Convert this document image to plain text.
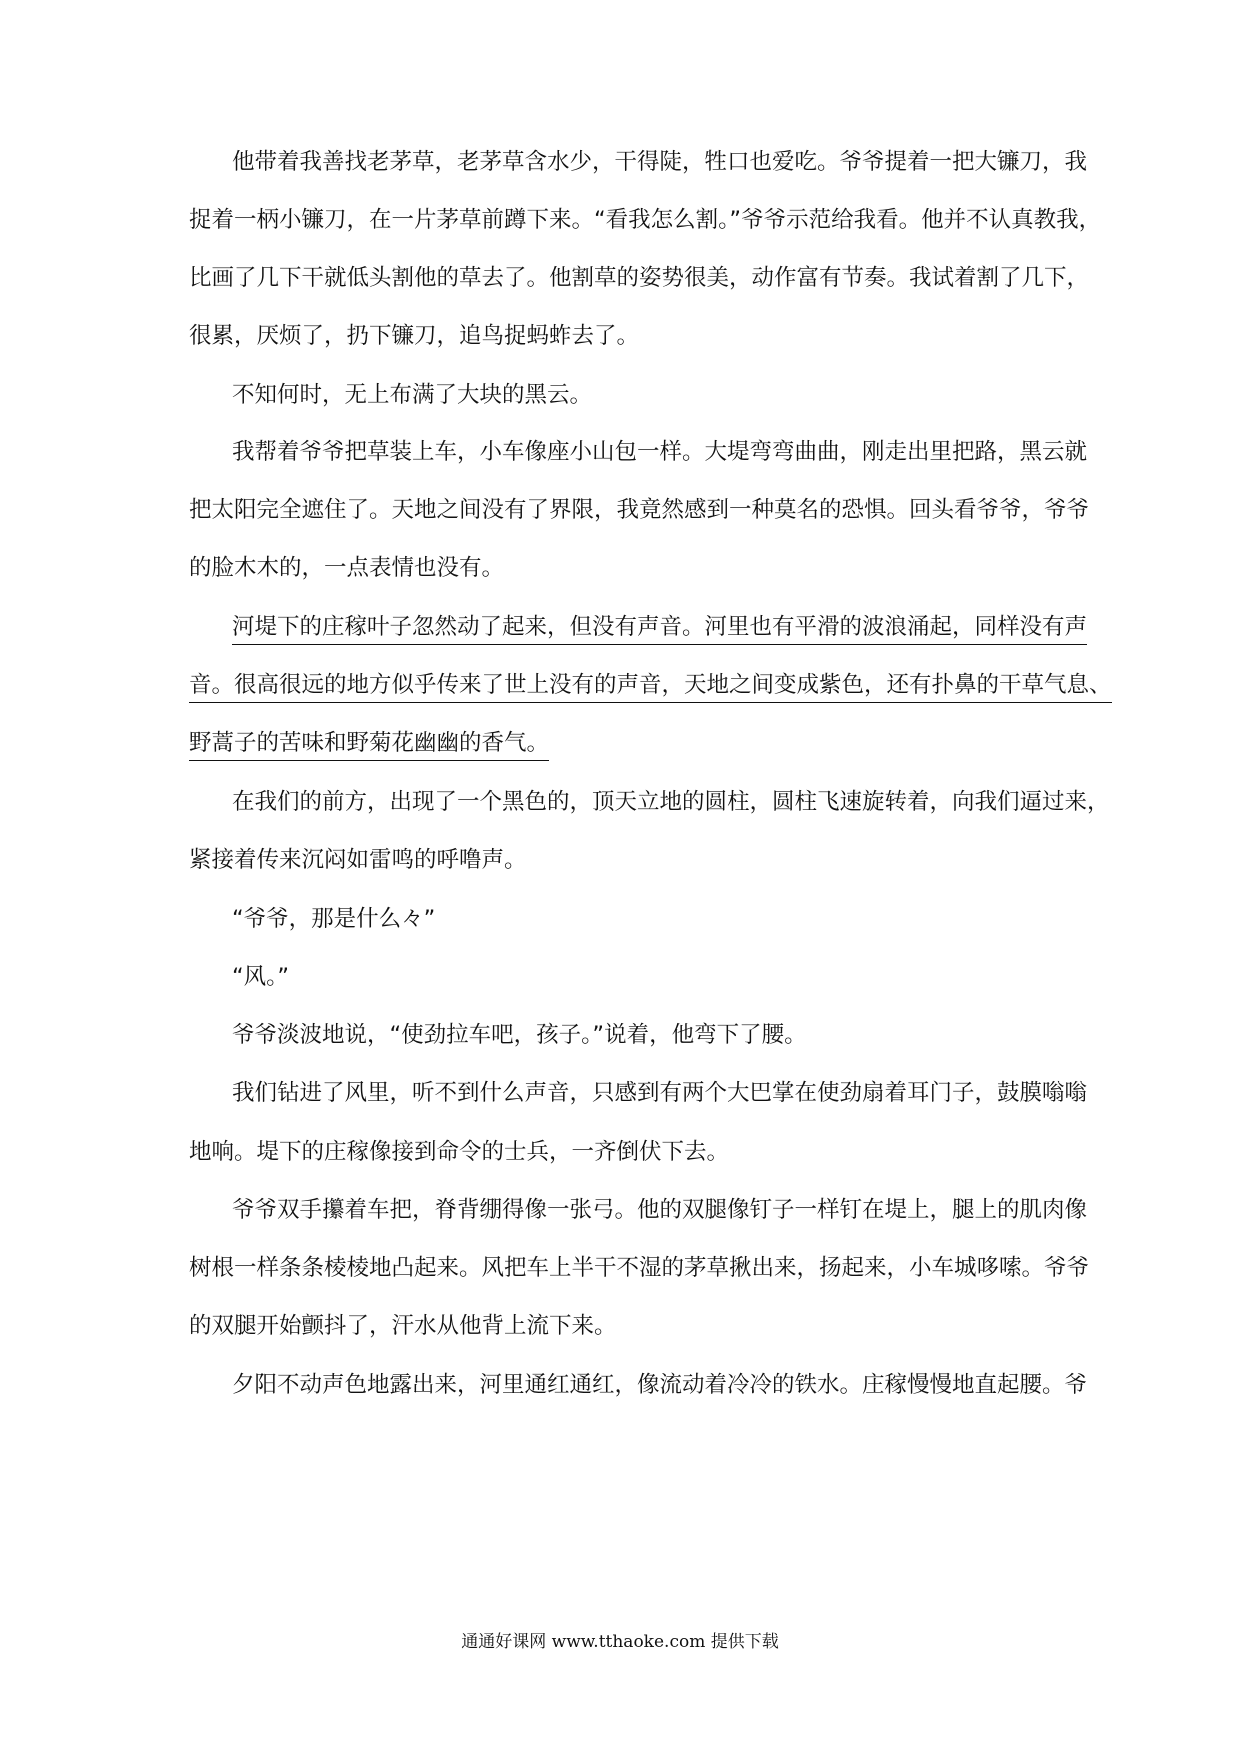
他带着我善找老茅草，老茅草含水少，干得陡，牲口也爱吃。爷爷提着一把大镰刀，我
捉着一柄小镰刀，在一片茅草前蹲下来。“看我怎么割。”爷爷示范给我看。他并不认真教我，
比画了几下干就低头割他的草去了。他割草的姿势很美，动作富有节奏。我试着割了几下，
很累，厌烦了，扔下镰刀，追鸟捉蚂蚱去了。
不知何时，无上布满了大块的黑云。
我帮着爷爷把草装上车，小车像座小山包一样。大堤弯弯曲曲，刚走出里把路，黑云就
把太阳完全遮住了。天地之间没有了界限，我竟然感到一种莫名的恐惧。回头看爷爷，爷爷
的脸木木的，一点表情也没有。
河堤下的庄稼叶子忽然动了起来，但没有声音。河里也有平滑的波浪涌起，同样没有声
音。很高很远的地方似乎传来了世上没有的声音，天地之间变成紫色，还有扑鼻的干草气息、
野蒿子的苦味和野菊花幽幽的香气。
在我们的前方，出现了一个黑色的，顶天立地的圆柱，圆柱飞速旋转着，向我们逼过来，
紧接着传来沉闷如雷鸣的呼噜声。
“爷爷，那是什么々”
“风。”
爷爷淡波地说，“使劲拉车吧，孩子。”说着，他弯下了腰。
我们钻进了风里，听不到什么声音，只感到有两个大巴掌在使劲扇着耳门子，鼓膜嗡嗡
地响。堤下的庄稼像接到命令的士兵，一齐倒伏下去。
爷爷双手攥着车把，脊背绷得像一张弓。他的双腿像钉子一样钉在堤上，腿上的肌肉像
树根一样条条棱棱地凸起来。风把车上半干不湿的茅草揪出来，扬起来，小车城哆嗦。爷爷
的双腿开始颤抖了，汗水从他背上流下来。
夕阳不动声色地露出来，河里通红通红，像流动着冷冷的铁水。庄稼慢慢地直起腰。爷
通通好课网 www.tthaoke.com 提供下载
